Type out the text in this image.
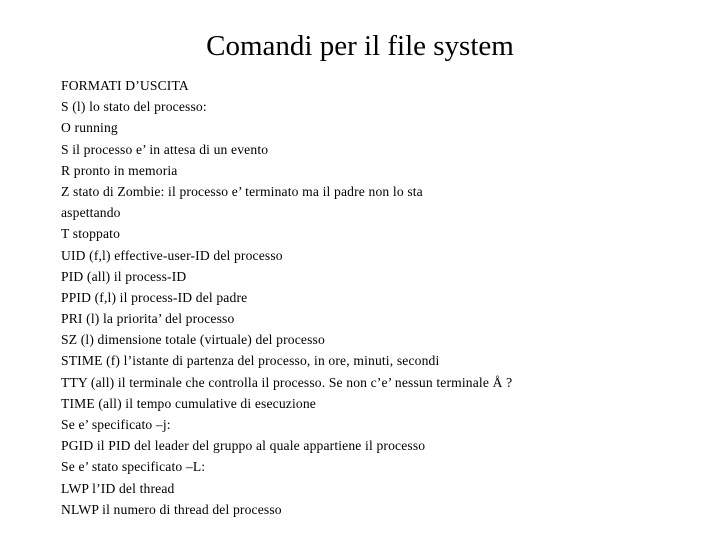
Comandi per il file system
FORMATI D’USCITA
S (l) lo stato del processo:
O running
S il processo e’ in attesa di un evento
R pronto in memoria
Z stato di Zombie: il processo e’ terminato ma il padre non lo sta
aspettando
T stoppato
UID (f,l) effective-user-ID del processo
PID (all) il process-ID
PPID (f,l) il process-ID del padre
PRI (l) la priorita’ del processo
SZ (l) dimensione totale (virtuale) del processo
STIME (f) l’istante di partenza del processo, in ore, minuti, secondi
TTY (all) il terminale che controlla il processo. Se non c’e’ nessun terminale Å ?
TIME (all) il tempo cumulative di esecuzione
Se e’ specificato –j:
PGID il PID del leader del gruppo al quale appartiene il processo
Se e’ stato specificato –L:
LWP l’ID del thread
NLWP il numero di thread del processo
